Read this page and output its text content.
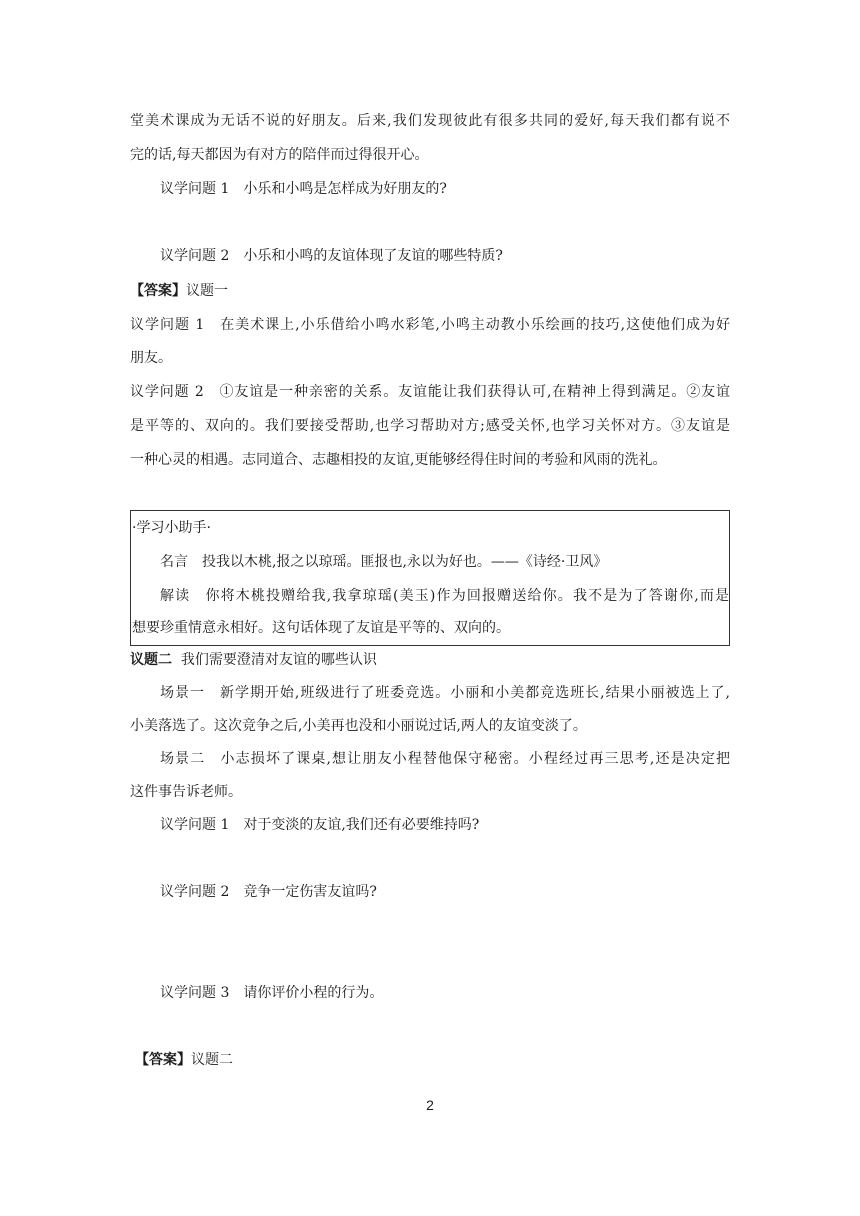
堂美术课成为无话不说的好朋友。后来,我们发现彼此有很多共同的爱好,每天我们都有说不
完的话,每天都因为有对方的陪伴而过得很开心。
议学问题 1　小乐和小鸣是怎样成为好朋友的?
议学问题 2　小乐和小鸣的友谊体现了友谊的哪些特质?
【答案】议题一
议学问题 1　在美术课上,小乐借给小鸣水彩笔,小鸣主动教小乐绘画的技巧,这使他们成为好
朋友。
议学问题 2　①友谊是一种亲密的关系。友谊能让我们获得认可,在精神上得到满足。②友谊
是平等的、双向的。我们要接受帮助,也学习帮助对方;感受关怀,也学习关怀对方。③友谊是
一种心灵的相遇。志同道合、志趣相投的友谊,更能够经得住时间的考验和风雨的洗礼。
·学习小助手·
名言　投我以木桃,报之以琼瑶。匪报也,永以为好也。——《诗经·卫风》
解读　你将木桃投赠给我,我拿琼瑶(美玉)作为回报赠送给你。我不是为了答谢你,而是
想要珍重情意永相好。这句话体现了友谊是平等的、双向的。
议题二 我们需要澄清对友谊的哪些认识
场景一　新学期开始,班级进行了班委竞选。小丽和小美都竞选班长,结果小丽被选上了,
小美落选了。这次竞争之后,小美再也没和小丽说过话,两人的友谊变淡了。
场景二　小志损坏了课桌,想让朋友小程替他保守秘密。小程经过再三思考,还是决定把
这件事告诉老师。
议学问题 1　对于变淡的友谊,我们还有必要维持吗?
议学问题 2　竞争一定伤害友谊吗?
议学问题 3　请你评价小程的行为。
【答案】议题二
2
